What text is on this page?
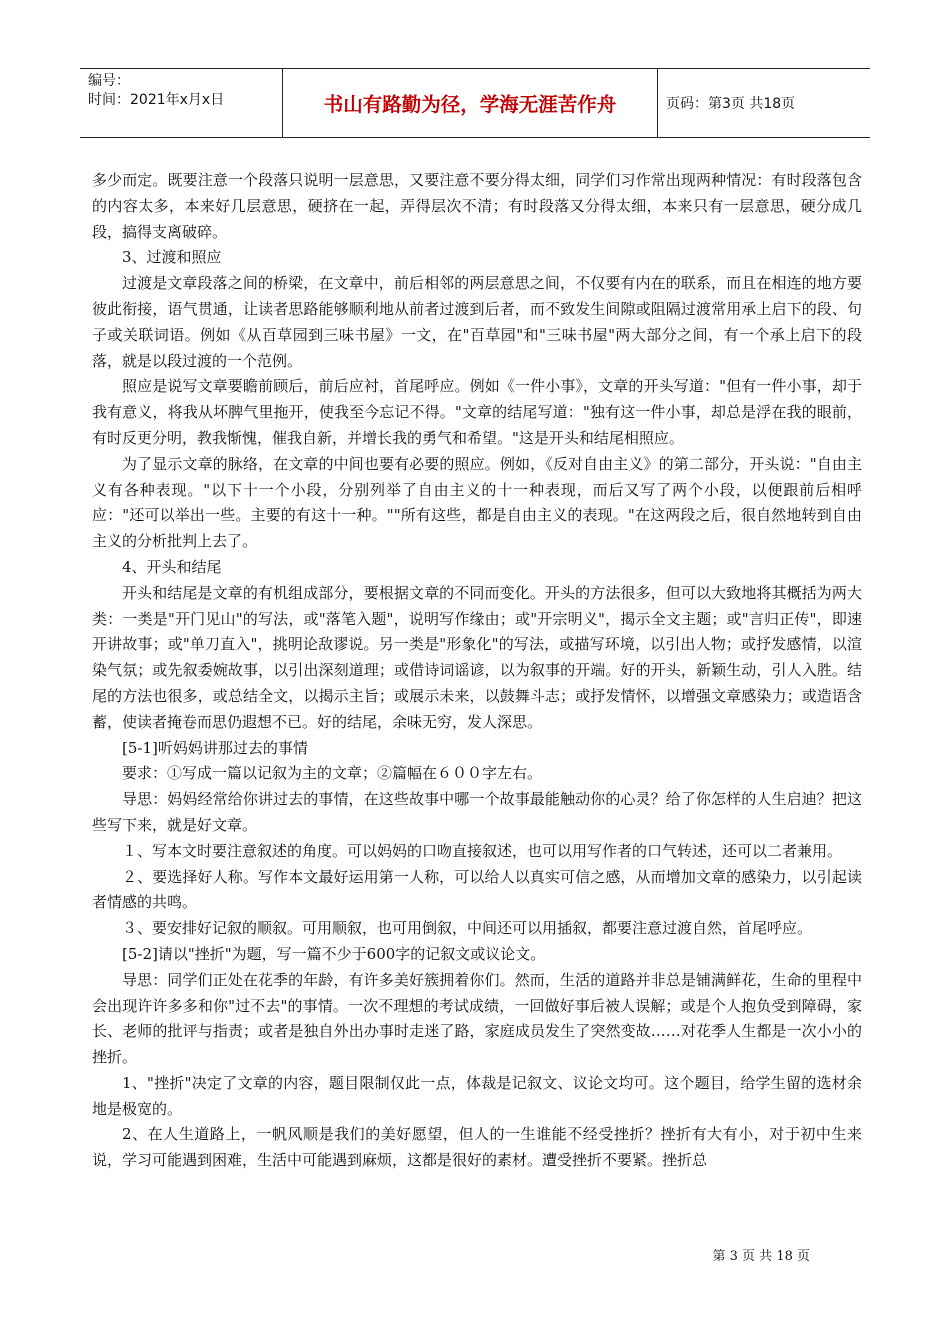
编号：
时间：2021年x月x日	书山有路勤为径，学海无涯苦作舟	页码：第3页 共18页

多少而定。既要注意一个段落只说明一层意思，又要注意不要分得太细，同学们习作常出现两种情况：有时段落包含的内容太多，本来好几层意思，硬挤在一起，弄得层次不清；有时段落又分得太细，本来只有一层意思，硬分成几段，搞得支离破碎。

3、过渡和照应

过渡是文章段落之间的桥梁，在文章中，前后相邻的两层意思之间，不仅要有内在的联系，而且在相连的地方要彼此衔接，语气贯通，让读者思路能够顺利地从前者过渡到后者，而不致发生间隙或阻隔过渡常用承上启下的段、句子或关联词语。例如《从百草园到三味书屋》一文，在"百草园"和"三味书屋"两大部分之间，有一个承上启下的段落，就是以段过渡的一个范例。

照应是说写文章要瞻前顾后，前后应衬，首尾呼应。例如《一件小事》，文章的开头写道："但有一件小事，却于我有意义，将我从坏脾气里拖开，使我至今忘记不得。"文章的结尾写道："独有这一件小事，却总是浮在我的眼前，有时反更分明，教我惭愧，催我自新，并增长我的勇气和希望。"这是开头和结尾相照应。

为了显示文章的脉络，在文章的中间也要有必要的照应。例如，《反对自由主义》的第二部分，开头说："自由主义有各种表现。"以下十一个小段，分别列举了自由主义的十一种表现，而后又写了两个小段，以便跟前后相呼应："还可以举出一些。主要的有这十一种。""所有这些，都是自由主义的表现。"在这两段之后，很自然地转到自由主义的分析批判上去了。

4、开头和结尾

开头和结尾是文章的有机组成部分，要根据文章的不同而变化。开头的方法很多，但可以大致地将其概括为两大类：一类是"开门见山"的写法，或"落笔入题"，说明写作缘由；或"开宗明义"，揭示全文主题；或"言归正传"，即速开讲故事；或"单刀直入"，挑明论敌谬说。另一类是"形象化"的写法，或描写环境，以引出人物；或抒发感情，以渲染气氛；或先叙委婉故事，以引出深刻道理；或借诗词谣谚，以为叙事的开端。好的开头，新颖生动，引人入胜。结尾的方法也很多，或总结全文，以揭示主旨；或展示未来，以鼓舞斗志；或抒发情怀，以增强文章感染力；或造语含蓄，使读者掩卷而思仍遐想不已。好的结尾，余味无穷，发人深思。

[5-1]听妈妈讲那过去的事情

要求：①写成一篇以记叙为主的文章；②篇幅在６００字左右。

导思：妈妈经常给你讲过去的事情，在这些故事中哪一个故事最能触动你的心灵？给了你怎样的人生启迪？把这些写下来，就是好文章。

１、写本文时要注意叙述的角度。可以妈妈的口吻直接叙述，也可以用写作者的口气转述，还可以二者兼用。

２、要选择好人称。写作本文最好运用第一人称，可以给人以真实可信之感，从而增加文章的感染力，以引起读者情感的共鸣。

３、要安排好记叙的顺叙。可用顺叙，也可用倒叙，中间还可以用插叙，都要注意过渡自然，首尾呼应。

[5-2]请以"挫折"为题，写一篇不少于600字的记叙文或议论文。

导思：同学们正处在花季的年龄，有许多美好簇拥着你们。然而，生活的道路并非总是铺满鲜花，生命的里程中会出现许许多多和你"过不去"的事情。一次不理想的考试成绩，一回做好事后被人误解；或是个人抱负受到障碍，家长、老师的批评与指责；或者是独自外出办事时走迷了路，家庭成员发生了突然变故……对花季人生都是一次小小的挫折。

1、"挫折"决定了文章的内容，题目限制仅此一点，体裁是记叙文、议论文均可。这个题目，给学生留的选材余地是极宽的。

2、在人生道路上，一帆风顺是我们的美好愿望，但人的一生谁能不经受挫折？挫折有大有小，对于初中生来说，学习可能遇到困难，生活中可能遇到麻烦，这都是很好的素材。遭受挫折不要紧。挫折总

第 3 页 共 18 页
